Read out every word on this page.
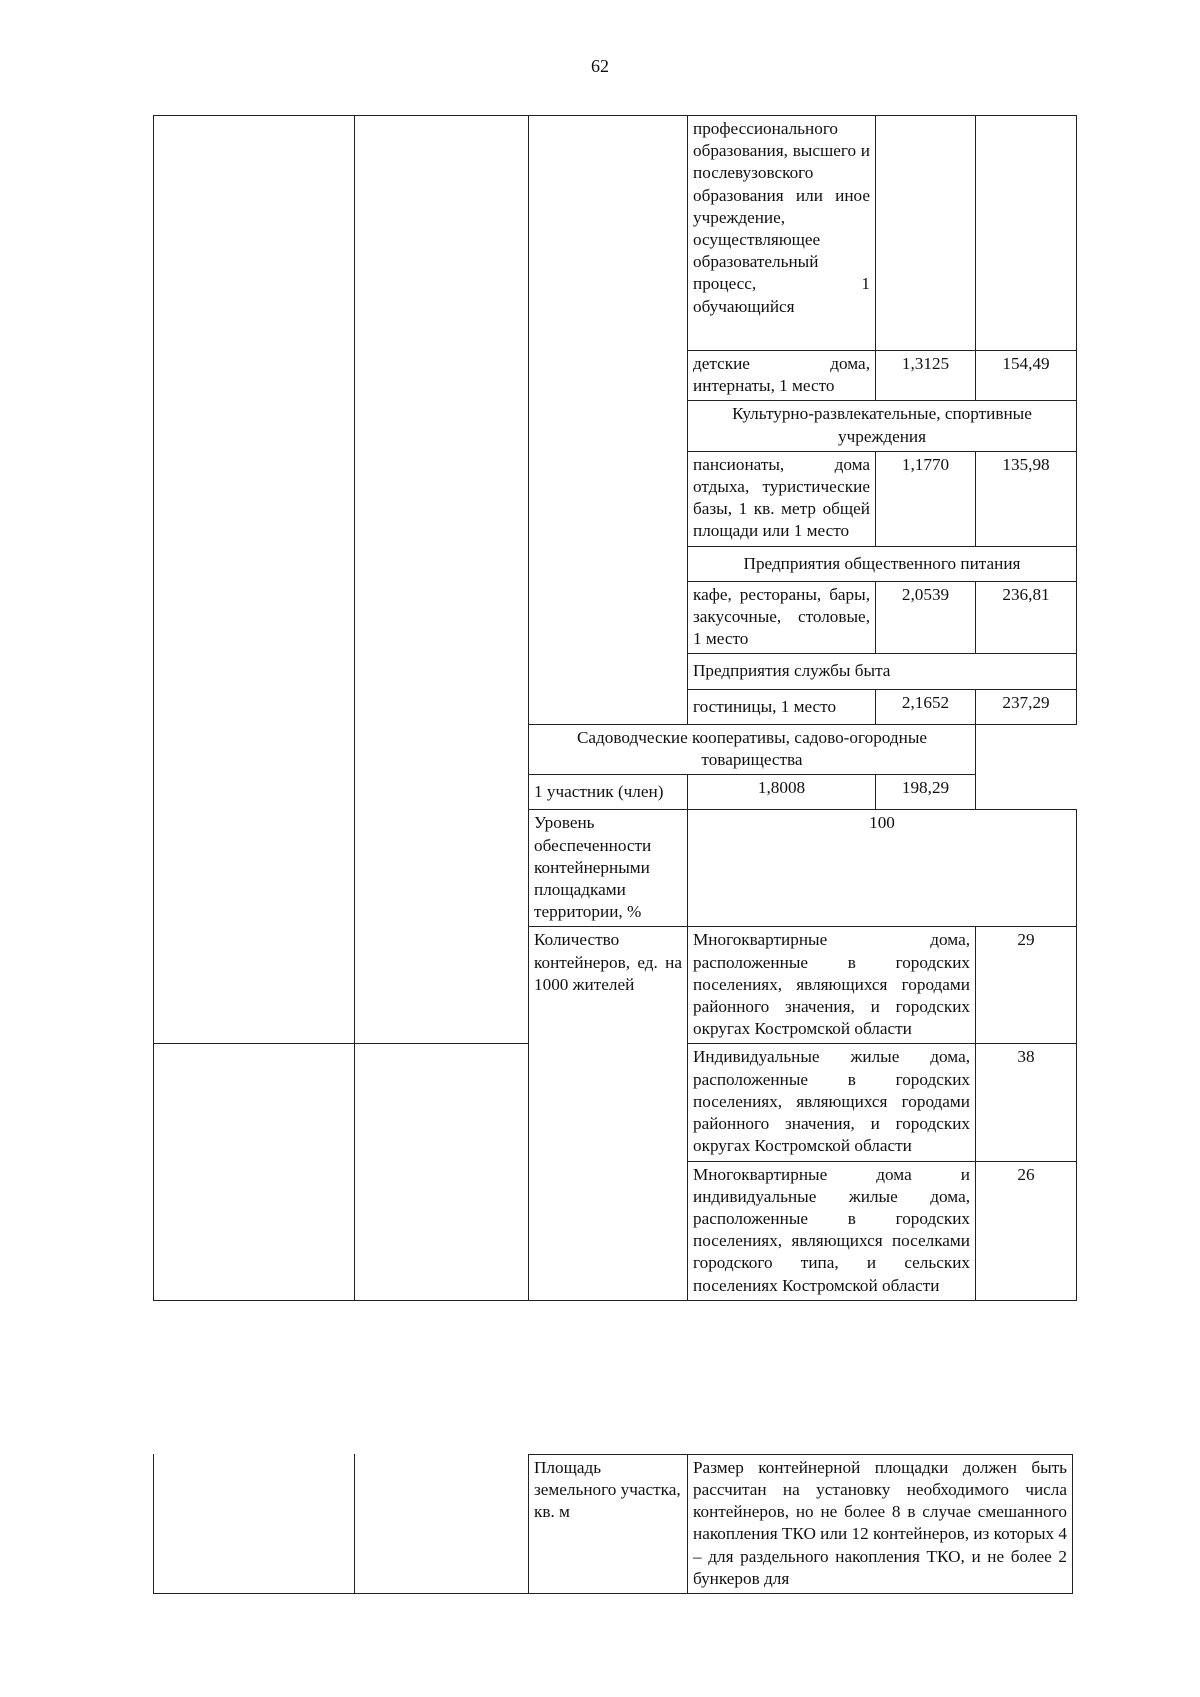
62
			профессионального образования, высшего и послевузовского образования или иное учреждение, осуществляющее образовательный процесс, 1 обучающийся		
			детские дома, интернаты, 1 место	1,3125	154,49
			Культурно-развлекательные, спортивные учреждения		
			пансионаты, дома отдыха, туристические базы, 1 кв. метр общей площади или 1 место	1,1770	135,98
			Предприятия общественного питания		
			кафе, рестораны, бары, закусочные, столовые, 1 место	2,0539	236,81
			Предприятия службы быта		
			гостиницы, 1 место	2,1652	237,29
		Садоводческие кооперативы, садово-огородные товарищества			
		1 участник (член)	1,8008	198,29	
		Уровень обеспеченности контейнерными площадками территории, %	100		
		Количество контейнеров, ед. на 1000 жителей	Многоквартирные дома, расположенные в городских поселениях, являющихся городами районного значения, и городских округах Костромской области		29
			Индивидуальные жилые дома, расположенные в городских поселениях, являющихся городами районного значения, и городских округах Костромской области		38
			Многоквартирные дома и индивидуальные жилые дома, расположенные в городских поселениях, являющихся поселками городского типа, и сельских поселениях Костромской области		26
		Площадь земельного участка, кв. м	Размер контейнерной площадки должен быть рассчитан на установку необходимого числа контейнеров, но не более 8 в случае смешанного накопления ТКО или 12 контейнеров, из которых 4 – для раздельного накопления ТКО, и не более 2 бункеров для
